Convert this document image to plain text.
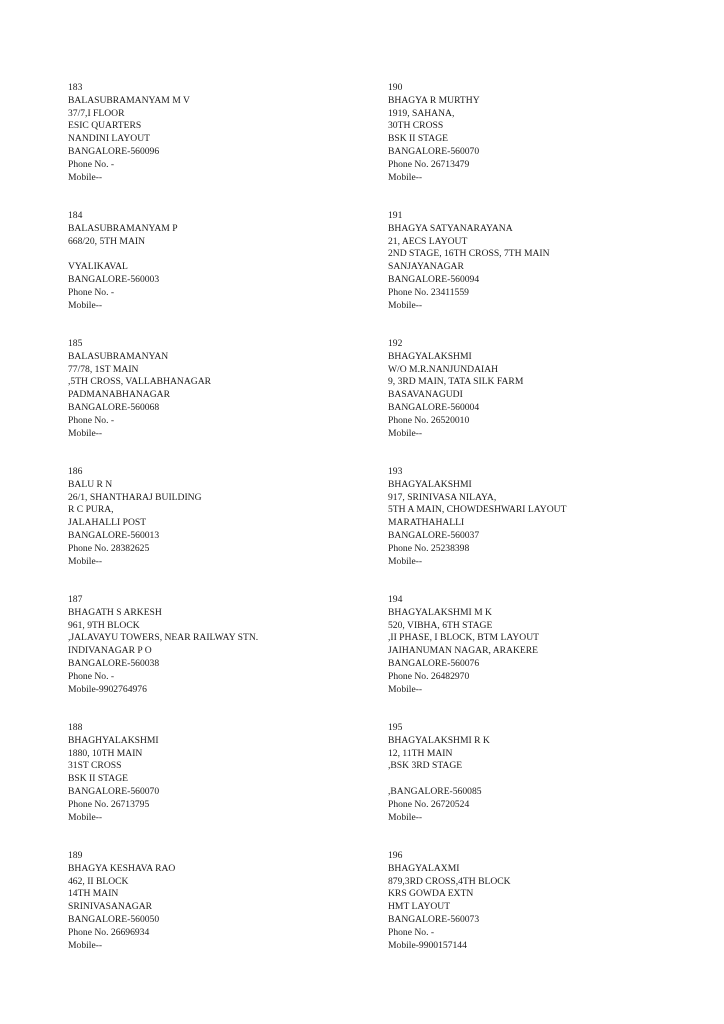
183
BALASUBRAMANYAM M V
37/7,I FLOOR
ESIC QUARTERS
NANDINI LAYOUT
BANGALORE-560096
Phone No. -
Mobile--
184
BALASUBRAMANYAM P
668/20, 5TH MAIN
VYALIKAVAL
BANGALORE-560003
Phone No. -
Mobile--
185
BALASUBRAMANYAN
77/78, 1ST MAIN
,5TH CROSS, VALLABHANAGAR
PADMANABHANAGAR
BANGALORE-560068
Phone No. -
Mobile--
186
BALU R N
26/1, SHANTHARAJ BUILDING
R C PURA,
JALAHALLI POST
BANGALORE-560013
Phone No. 28382625
Mobile--
187
BHAGATH S ARKESH
961, 9TH BLOCK
,JALAVAYU TOWERS, NEAR RAILWAY STN.
INDIVANAGAR P O
BANGALORE-560038
Phone No. -
Mobile-9902764976
188
BHAGHYALAKSHMI
1880, 10TH MAIN
31ST CROSS
BSK II STAGE
BANGALORE-560070
Phone No. 26713795
Mobile--
189
BHAGYA KESHAVA RAO
462, II BLOCK
14TH MAIN
SRINIVASANAGAR
BANGALORE-560050
Phone No. 26696934
Mobile--
190
BHAGYA R MURTHY
1919, SAHANA,
30TH CROSS
BSK II STAGE
BANGALORE-560070
Phone No. 26713479
Mobile--
191
BHAGYA SATYANARAYANA
21, AECS LAYOUT
2ND STAGE, 16TH CROSS, 7TH MAIN
SANJAYANAGAR
BANGALORE-560094
Phone No. 23411559
Mobile--
192
BHAGYALAKSHMI
W/O M.R.NANJUNDAIAH
9, 3RD MAIN, TATA SILK FARM
BASAVANAGUDI
BANGALORE-560004
Phone No. 26520010
Mobile--
193
BHAGYALAKSHMI
917, SRINIVASA NILAYA,
5TH A MAIN, CHOWDESHWARI LAYOUT
MARATHAHALLI
BANGALORE-560037
Phone No. 25238398
Mobile--
194
BHAGYALAKSHMI M K
520, VIBHA, 6TH STAGE
,II PHASE, I BLOCK, BTM LAYOUT
JAIHANUMAN NAGAR, ARAKERE
BANGALORE-560076
Phone No. 26482970
Mobile--
195
BHAGYALAKSHMI R K
12, 11TH MAIN
,BSK 3RD STAGE
,BANGALORE-560085
Phone No. 26720524
Mobile--
196
BHAGYALAXMI
879,3RD CROSS,4TH BLOCK
KRS GOWDA EXTN
HMT LAYOUT
BANGALORE-560073
Phone No. -
Mobile-9900157144
